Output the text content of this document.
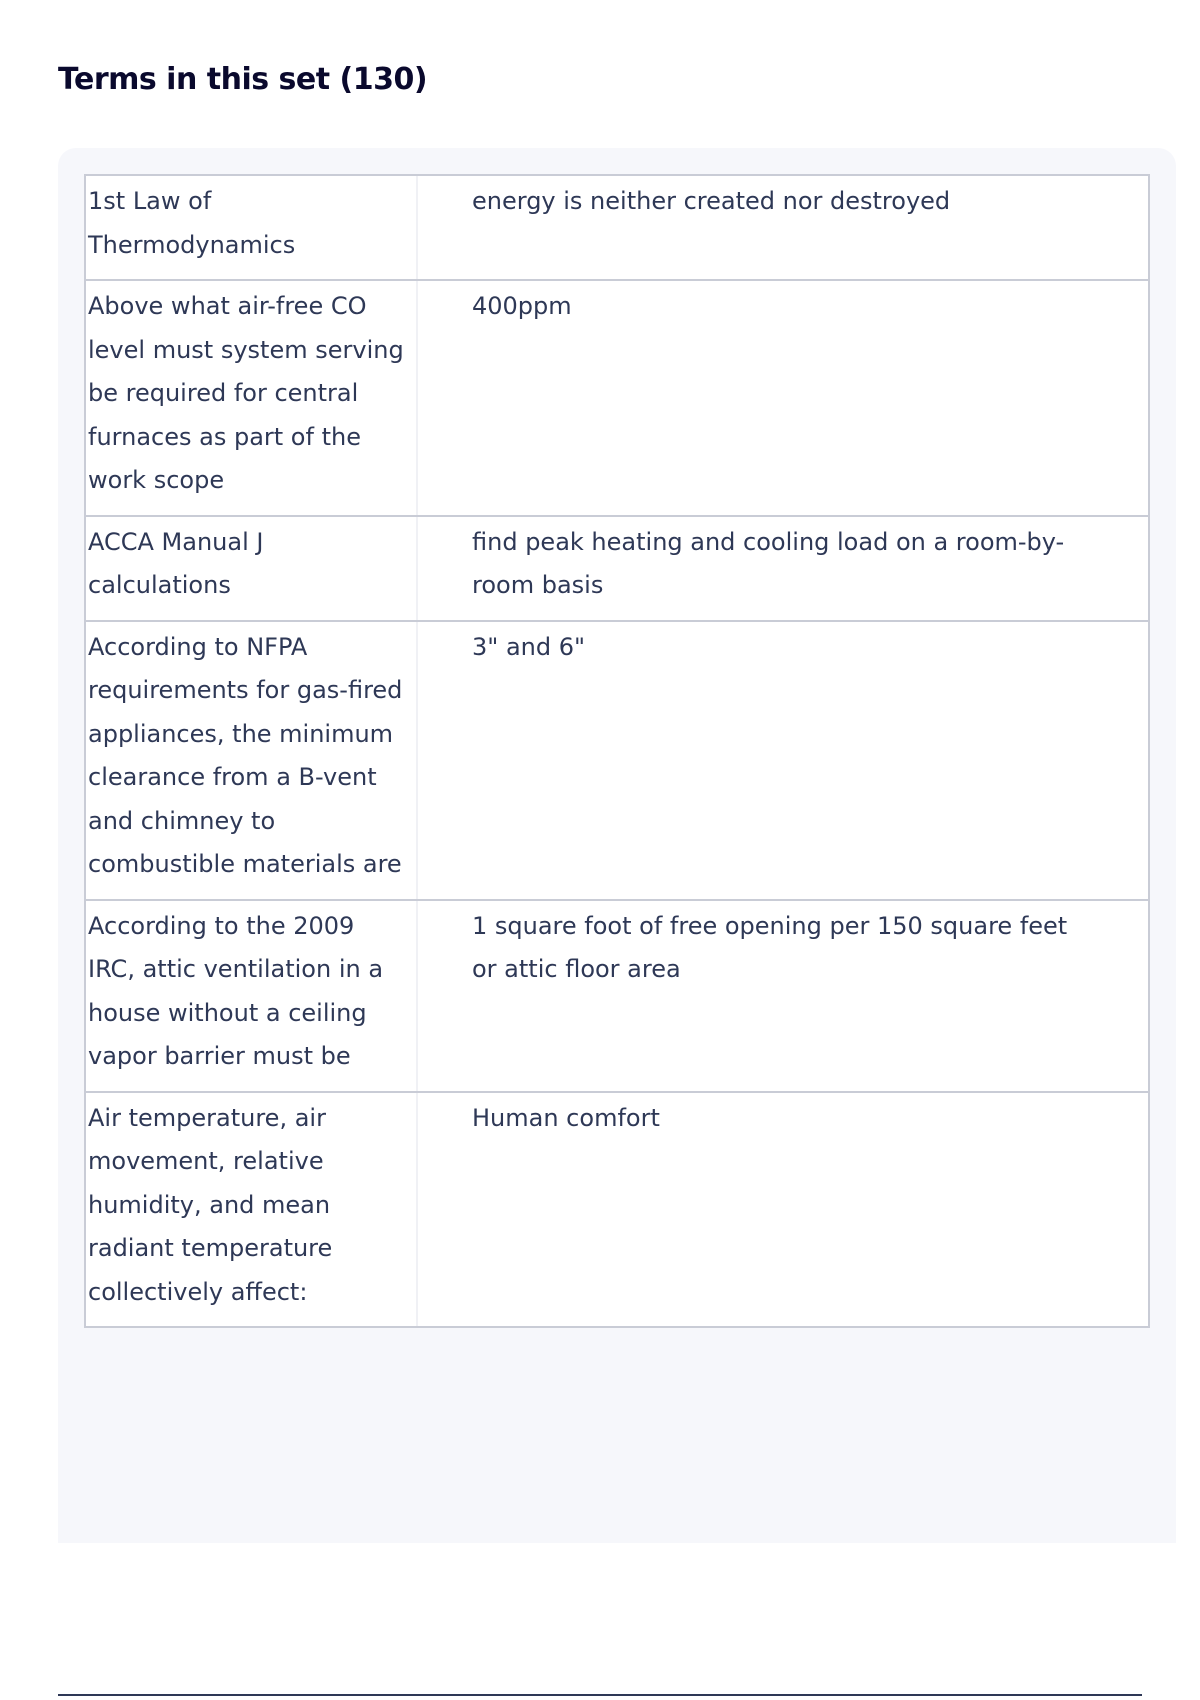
Terms in this set (130)
1st Law of Thermodynamics
energy is neither created nor destroyed
Above what air-free CO level must system serving be required for central furnaces as part of the work scope
400ppm
ACCA Manual J calculations
find peak heating and cooling load on a room-by-room basis
According to NFPA requirements for gas-fired appliances, the minimum clearance from a B-vent and chimney to combustible materials are
3" and 6"
According to the 2009 IRC, attic ventilation in a house without a ceiling vapor barrier must be
1 square foot of free opening per 150 square feet or attic floor area
Air temperature, air movement, relative humidity, and mean radiant temperature collectively affect:
Human comfort
